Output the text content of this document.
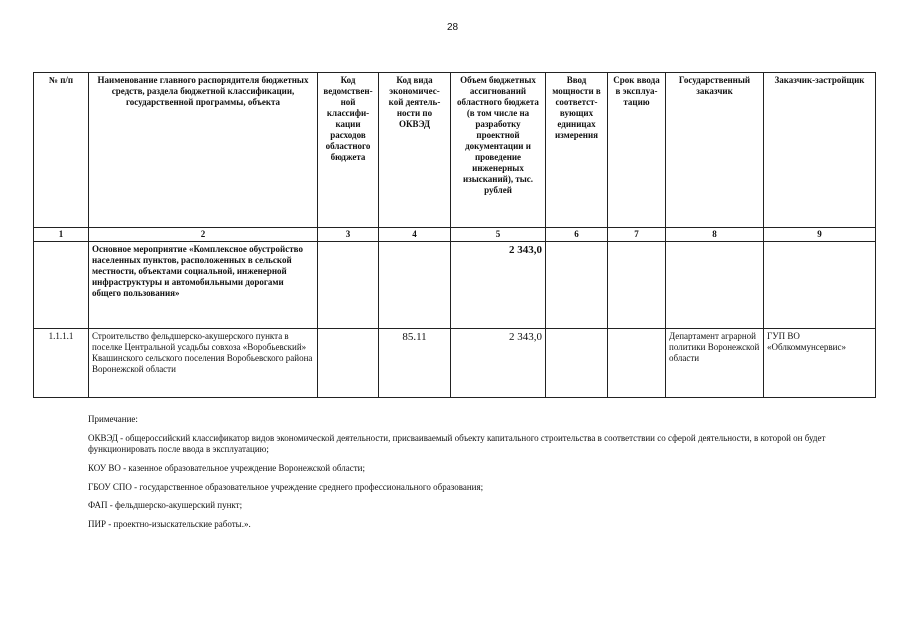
28
№ п/п	Наименование главного распорядителя бюджетных средств, раздела бюджетной классификации, государственной программы, объекта	Код ведомствен-ной классифи-кации расходов областного бюджета	Код вида экономичес-кой деятель-ности по ОКВЭД	Объем бюджетных ассигнований областного бюджета (в том числе на разработку проектной документации и проведение инженерных изысканий), тыс. рублей	Ввод мощности в соответст-вующих единицах измерения	Срок ввода в эксплуа-тацию	Государственный заказчик	Заказчик-застройщик
1	2	3	4	5	6	7	8	9
	Основное мероприятие «Комплексное обустройство населенных пунктов, расположенных в сельской местности, объектами социальной, инженерной инфраструктуры и автомобильными дорогами общего пользования»			2 343,0				
1.1.1.1	Строительство фельдшерско-акушерского пункта в поселке Центральной усадьбы совхоза «Воробьевский» Квашинского сельского поселения Воробьевского района Воронежской области		85.11	2 343,0			Департамент аграрной политики Воронежской области	ГУП ВО «Облкоммунсервис»

Примечание:

ОКВЭД - общероссийский классификатор видов экономической деятельности, присваиваемый объекту капитального строительства в соответствии со сферой деятельности, в которой он будет функционировать после ввода в эксплуатацию;

КОУ ВО - казенное образовательное учреждение Воронежской области;

ГБОУ СПО - государственное образовательное учреждение среднего профессионального образования;

ФАП - фельдшерско-акушерский пункт;

ПИР - проектно-изыскательские работы.».
